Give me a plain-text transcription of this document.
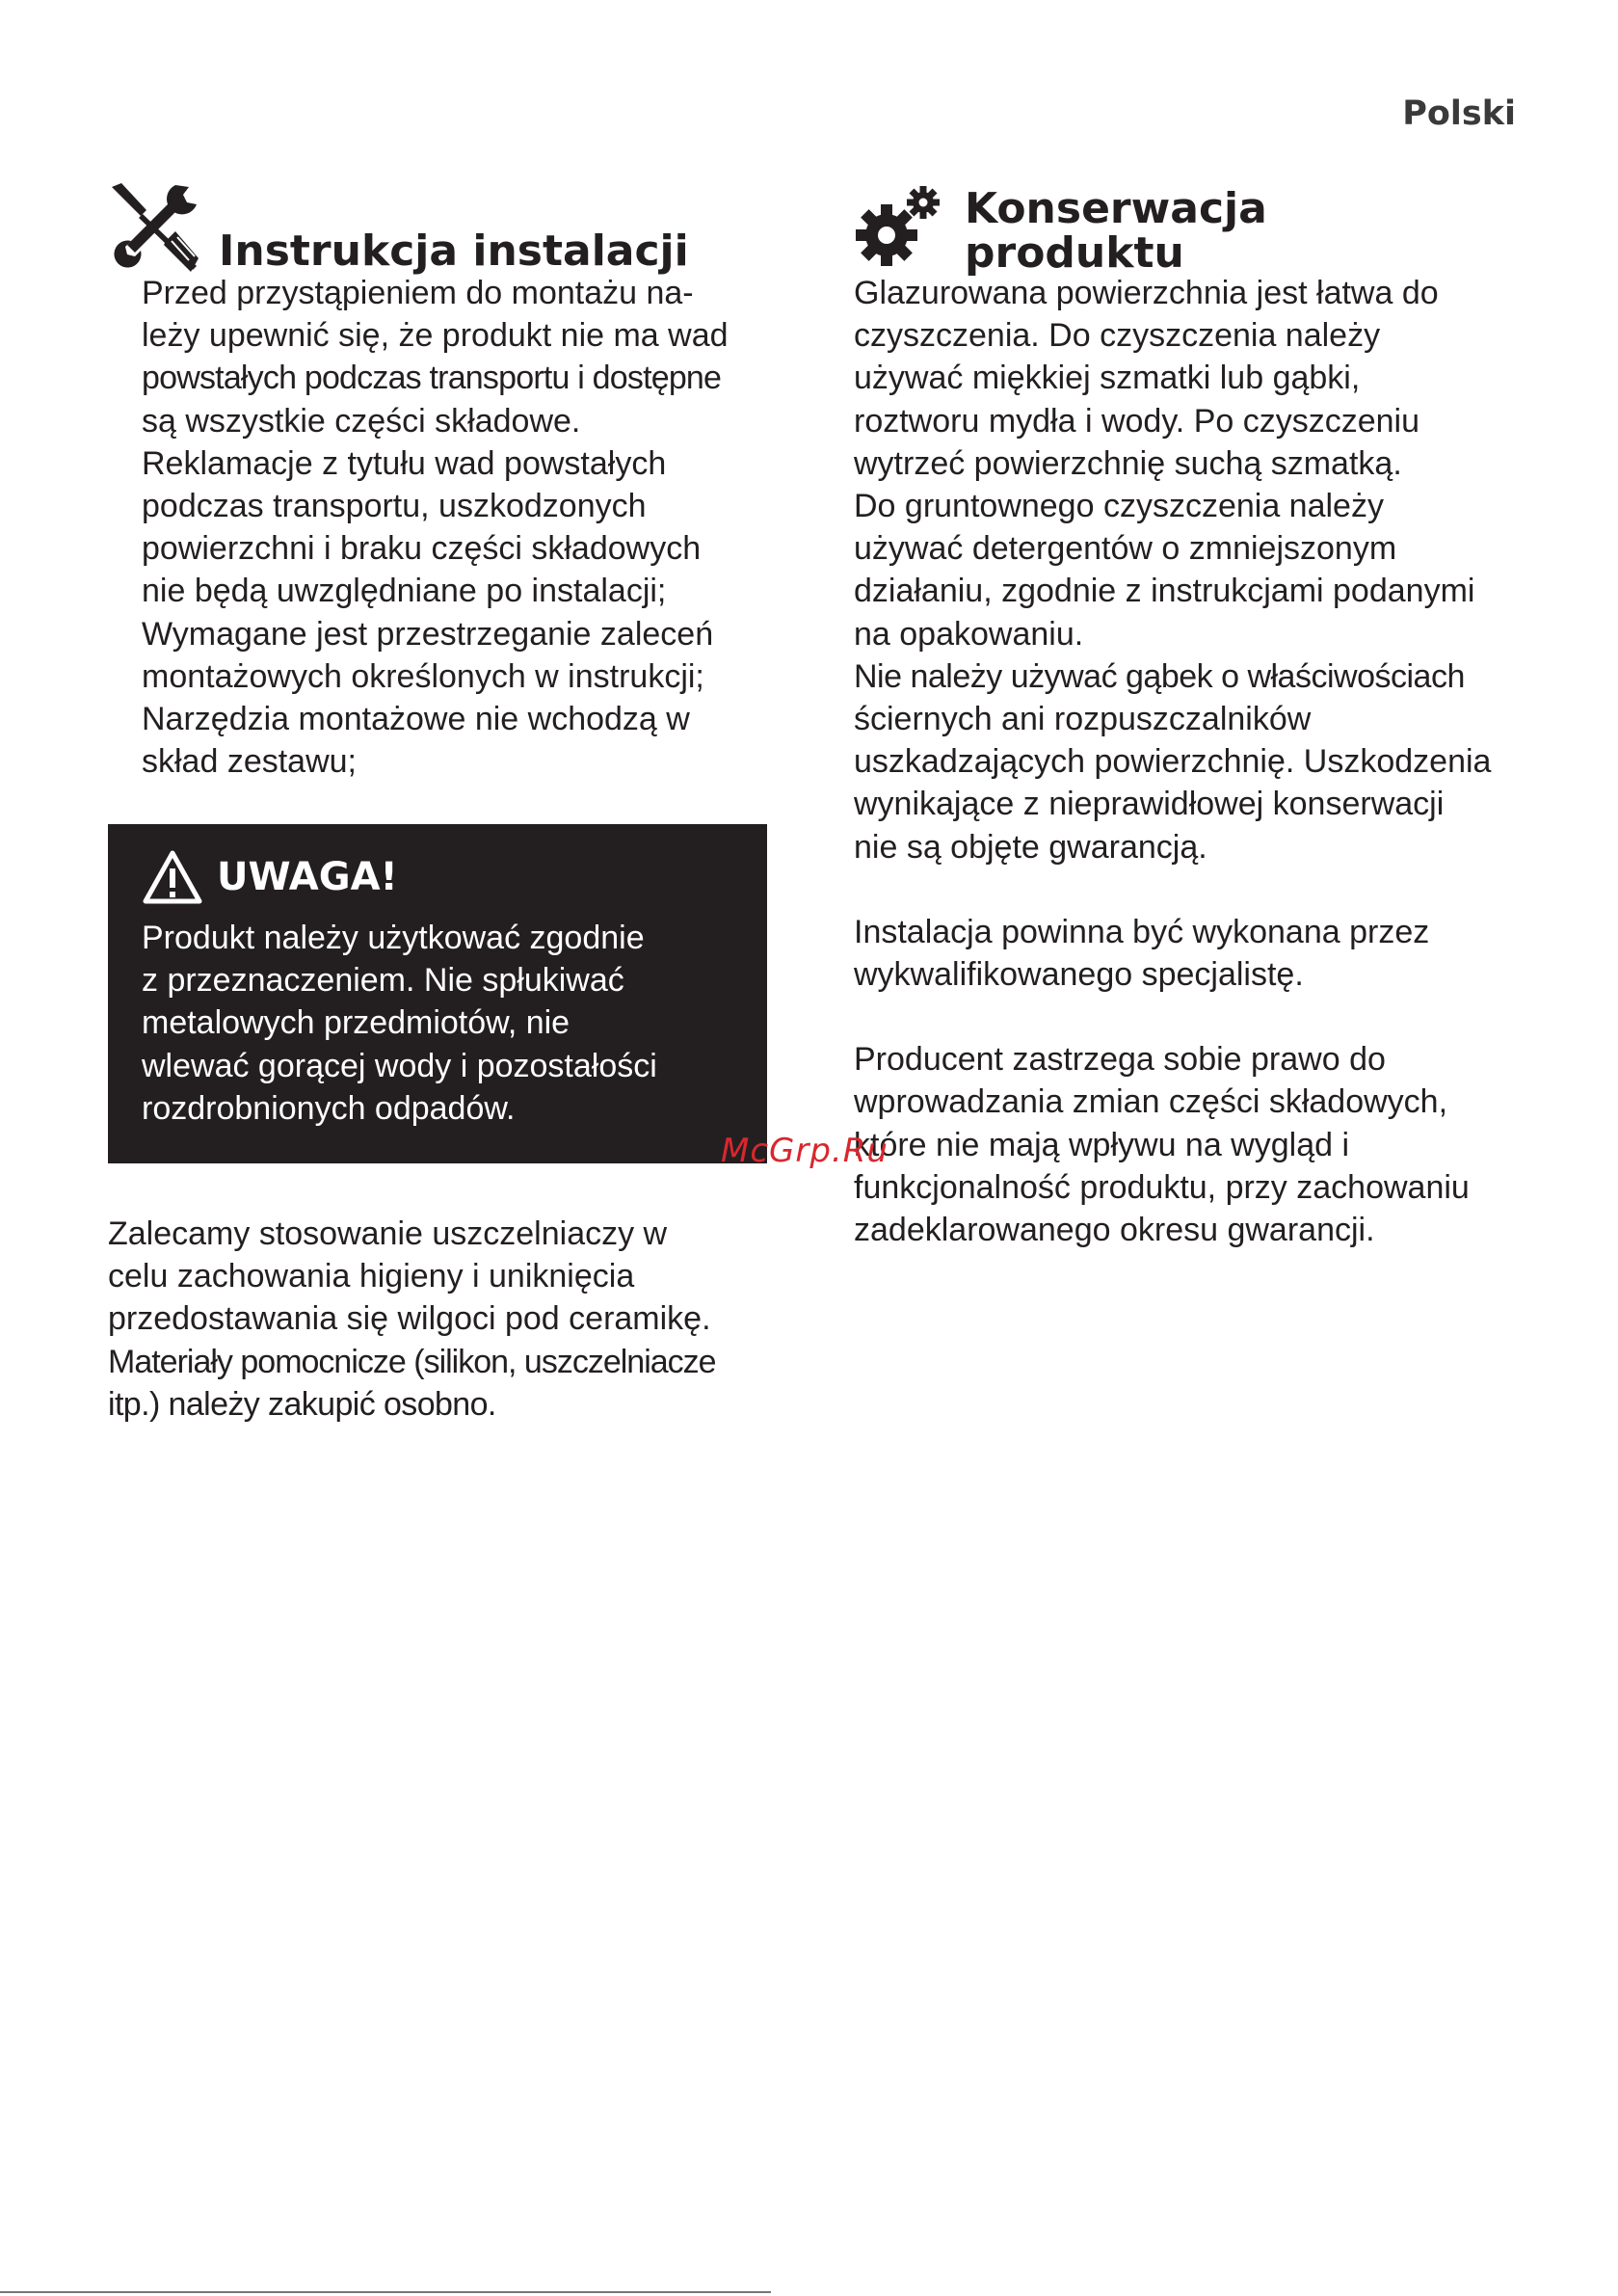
Polski
Instrukcja instalacji

Przed przystąpieniem do montażu na-

leży upewnić się, że produkt nie ma wad

powstałych podczas transportu i dostępne

są wszystkie części składowe.

Reklamacje z tytułu wad powstałych

podczas transportu, uszkodzonych

powierzchni i braku części składowych

nie będą uwzględniane po instalacji;

Wymagane jest przestrzeganie zaleceń

montażowych określonych w instrukcji;

Narzędzia montażowe nie wchodzą w

skład zestawu;

UWAGA!

Produkt należy użytkować zgodnie

z przeznaczeniem. Nie spłukiwać

metalowych przedmiotów, nie

wlewać gorącej wody i pozostałości

rozdrobnionych odpadów.

Zalecamy stosowanie uszczelniaczy w

celu zachowania higieny i uniknięcia

przedostawania się wilgoci pod ceramikę.

Materiały pomocnicze (silikon, uszczelniacze

itp.) należy zakupić osobno.

Konserwacja
produktu

Glazurowana powierzchnia jest łatwa do

czyszczenia. Do czyszczenia należy

używać miękkiej szmatki lub gąbki,

roztworu mydła i wody. Po czyszczeniu

wytrzeć powierzchnię suchą szmatką.

Do gruntownego czyszczenia należy

używać detergentów o zmniejszonym

działaniu, zgodnie z instrukcjami podanymi

na opakowaniu.

Nie należy używać gąbek o właściwościach

ściernych ani rozpuszczalników

uszkadzających powierzchnię. Uszkodzenia

wynikające z nieprawidłowej konserwacji

nie są objęte gwarancją.

Instalacja powinna być wykonana przez

wykwalifikowanego specjalistę.

Producent zastrzega sobie prawo do

wprowadzania zmian części składowych,

które nie mają wpływu na wygląd i

funkcjonalność produktu, przy zachowaniu

zadeklarowanego okresu gwarancji.

McGrp.Ru
